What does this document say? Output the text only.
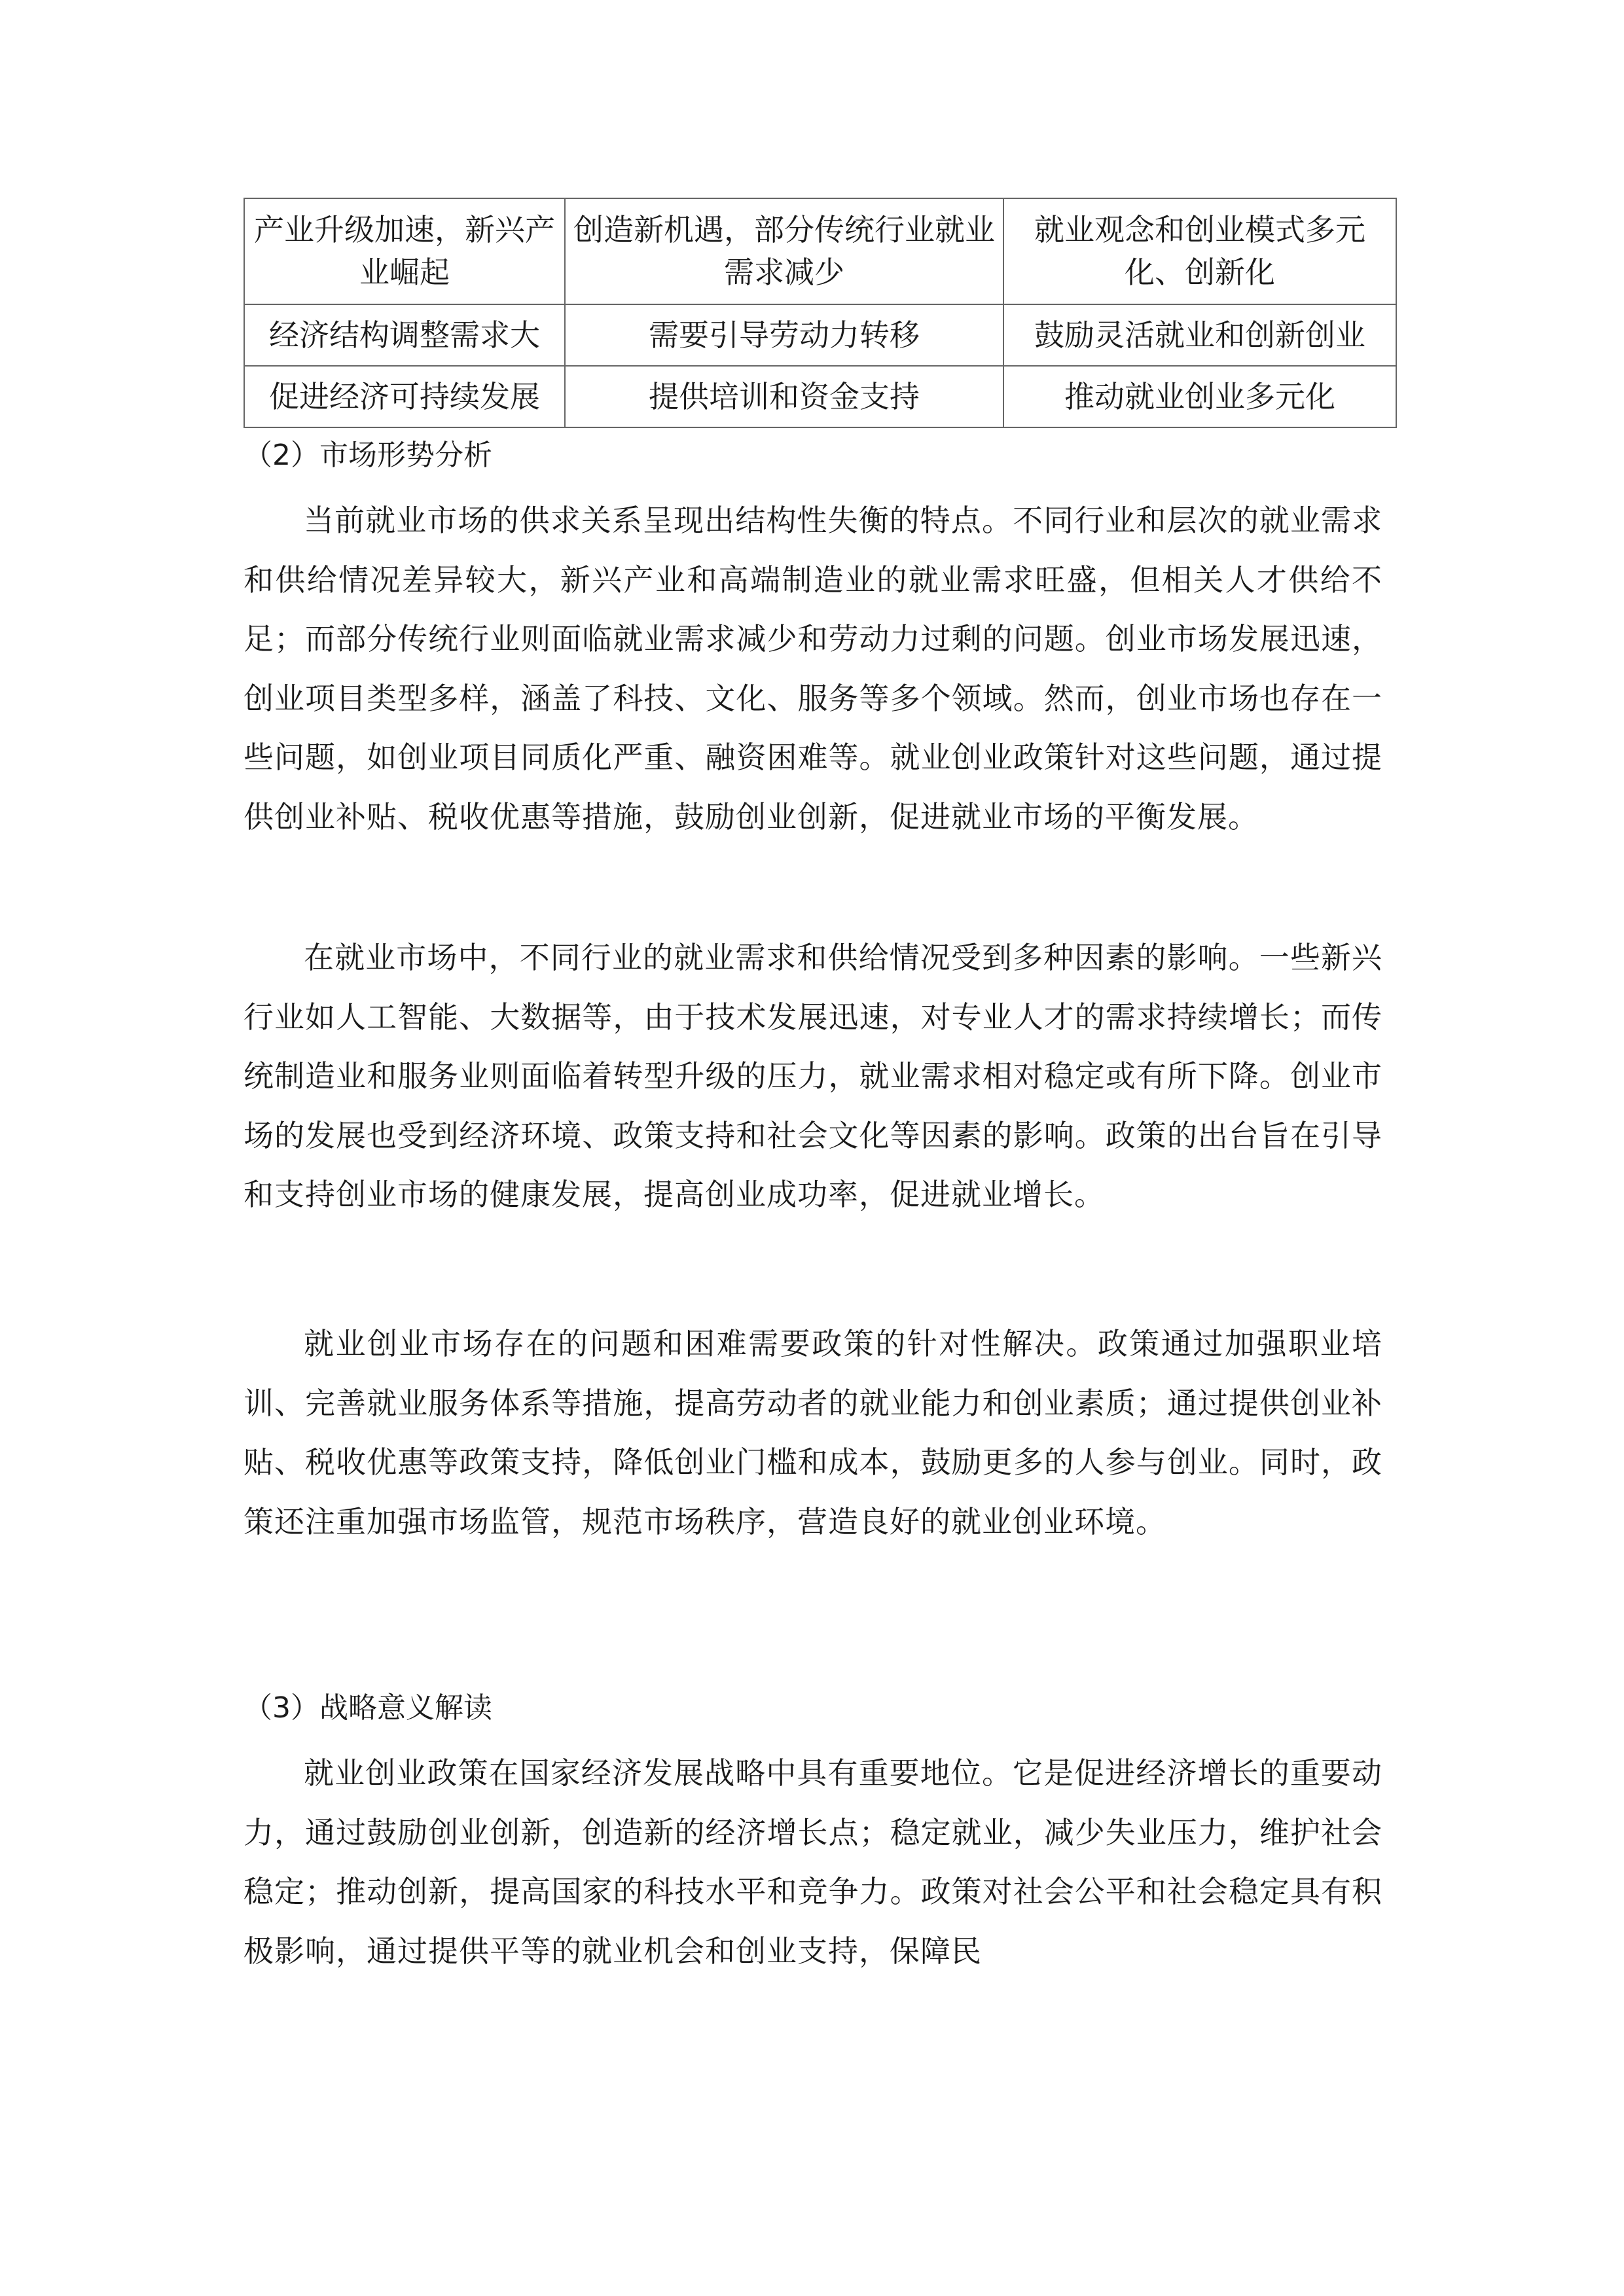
产业升级加速，新兴产业崛起	创造新机遇，部分传统行业就业需求减少	就业观念和创业模式多元化、创新化
经济结构调整需求大	需要引导劳动力转移	鼓励灵活就业和创新创业
促进经济可持续发展	提供培训和资金支持	推动就业创业多元化
（2）市场形势分析

当前就业市场的供求关系呈现出结构性失衡的特点。不同行业和层次的就业需求和供给情况差异较大，新兴产业和高端制造业的就业需求旺盛，但相关人才供给不足；而部分传统行业则面临就业需求减少和劳动力过剩的问题。创业市场发展迅速，创业项目类型多样，涵盖了科技、文化、服务等多个领域。然而，创业市场也存在一些问题，如创业项目同质化严重、融资困难等。就业创业政策针对这些问题，通过提供创业补贴、税收优惠等措施，鼓励创业创新，促进就业市场的平衡发展。

在就业市场中，不同行业的就业需求和供给情况受到多种因素的影响。一些新兴行业如人工智能、大数据等，由于技术发展迅速，对专业人才的需求持续增长；而传统制造业和服务业则面临着转型升级的压力，就业需求相对稳定或有所下降。创业市场的发展也受到经济环境、政策支持和社会文化等因素的影响。政策的出台旨在引导和支持创业市场的健康发展，提高创业成功率，促进就业增长。

就业创业市场存在的问题和困难需要政策的针对性解决。政策通过加强职业培训、完善就业服务体系等措施，提高劳动者的就业能力和创业素质；通过提供创业补贴、税收优惠等政策支持，降低创业门槛和成本，鼓励更多的人参与创业。同时，政策还注重加强市场监管，规范市场秩序，营造良好的就业创业环境。

（3）战略意义解读

就业创业政策在国家经济发展战略中具有重要地位。它是促进经济增长的重要动力，通过鼓励创业创新，创造新的经济增长点；稳定就业，减少失业压力，维护社会稳定；推动创新，提高国家的科技水平和竞争力。政策对社会公平和社会稳定具有积极影响，通过提供平等的就业机会和创业支持，保障民
